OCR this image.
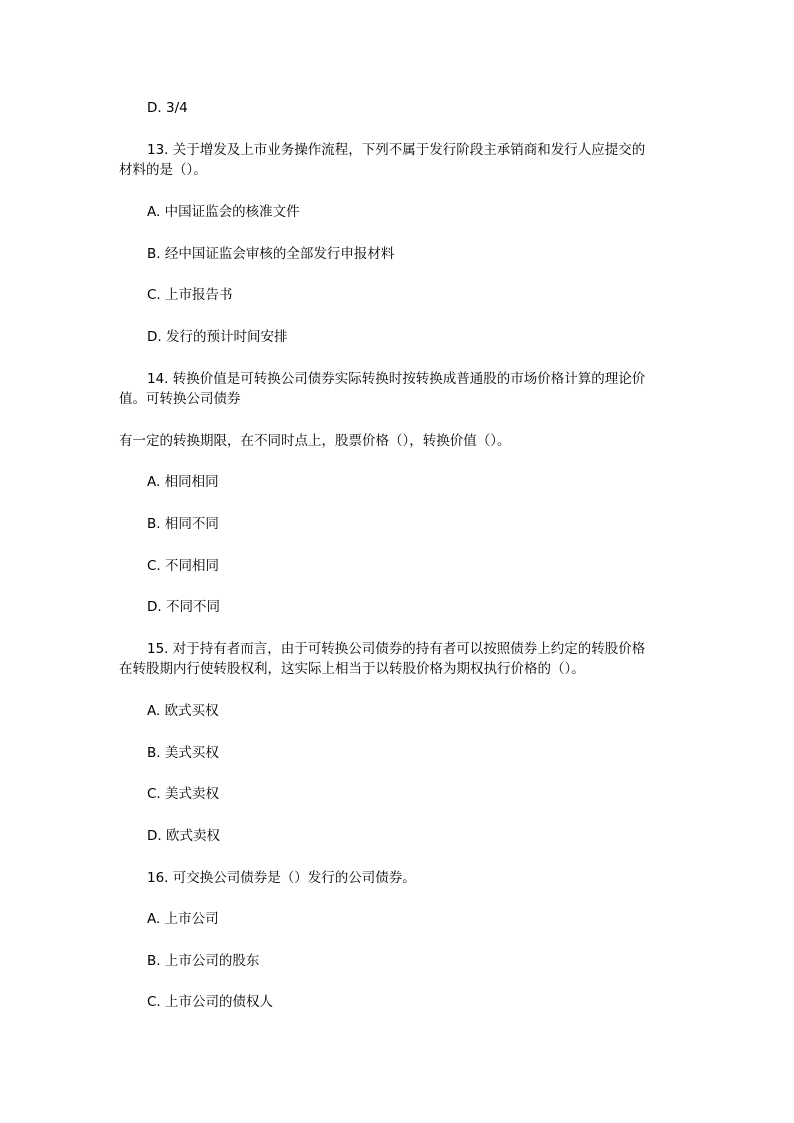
D. 3/4
13. 关于增发及上市业务操作流程，下列不属于发行阶段主承销商和发行人应提交的
材料的是（）。
A. 中国证监会的核准文件
B. 经中国证监会审核的全部发行申报材料
C. 上市报告书
D. 发行的预计时间安排
14. 转换价值是可转换公司债券实际转换时按转换成普通股的市场价格计算的理论价
值。可转换公司债券
有一定的转换期限，在不同时点上，股票价格（），转换价值（）。
A. 相同相同
B. 相同不同
C. 不同相同
D. 不同不同
15. 对于持有者而言，由于可转换公司债券的持有者可以按照债券上约定的转股价格
在转股期内行使转股权利，这实际上相当于以转股价格为期权执行价格的（）。
A. 欧式买权
B. 美式买权
C. 美式卖权
D. 欧式卖权
16. 可交换公司债券是（）发行的公司债券。
A. 上市公司
B. 上市公司的股东
C. 上市公司的债权人
